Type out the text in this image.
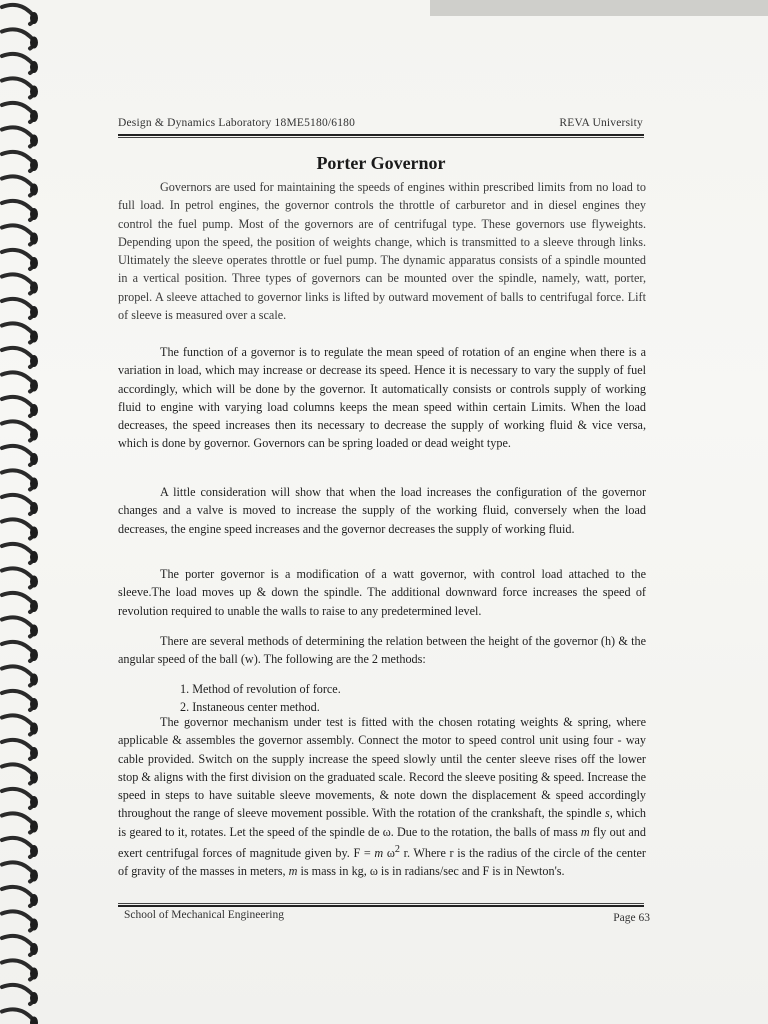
Design & Dynamics Laboratory 18ME5180/6180	REVA University
Porter Governor

Governors are used for maintaining the speeds of engines within prescribed limits from no load to full load. In petrol engines, the governor controls the throttle of carburetor and in diesel engines they control the fuel pump. Most of the governors are of centrifugal type. These governors use flyweights. Depending upon the speed, the position of weights change, which is transmitted to a sleeve through links. Ultimately the sleeve operates throttle or fuel pump. The dynamic apparatus consists of a spindle mounted in a vertical position. Three types of governors can be mounted over the spindle, namely, watt, porter, propel. A sleeve attached to governor links is lifted by outward movement of balls to centrifugal force. Lift of sleeve is measured over a scale.

The function of a governor is to regulate the mean speed of rotation of an engine when there is a variation in load, which may increase or decrease its speed. Hence it is necessary to vary the supply of fuel accordingly, which will be done by the governor. It automatically consists or controls supply of working fluid to engine with varying load columns keeps the mean speed within certain Limits. When the load decreases, the speed increases then its necessary to decrease the supply of working fluid & vice versa, which is done by governor. Governors can be spring loaded or dead weight type.

A little consideration will show that when the load increases the configuration of the governor changes and a valve is moved to increase the supply of the working fluid, conversely when the load decreases, the engine speed increases and the governor decreases the supply of working fluid.

The porter governor is a modification of a watt governor, with control load attached to the sleeve.The load moves up & down the spindle. The additional downward force increases the speed of revolution required to unable the walls to raise to any predetermined level.

There are several methods of determining the relation between the height of the governor (h) & the angular speed of the ball (w). The following are the 2 methods:

1. Method of revolution of force.
2. Instaneous center method.

The governor mechanism under test is fitted with the chosen rotating weights & spring, where applicable & assembles the governor assembly. Connect the motor to speed control unit using four - way cable provided. Switch on the supply increase the speed slowly until the center sleeve rises off the lower stop & aligns with the first division on the graduated scale. Record the sleeve positing & speed. Increase the speed in steps to have suitable sleeve movements, & note down the displacement & speed accordingly throughout the range of sleeve movement possible. With the rotation of the crankshaft, the spindle s, which is geared to it, rotates. Let the speed of the spindle de ω. Due to the rotation, the balls of mass m fly out and exert centrifugal forces of magnitude given by. F = m $\omega^2$ r. Where r is the radius of the circle of the center of gravity of the masses in meters, m is mass in kg, ω is in radians/sec and F is in Newton's.

School of Mechanical Engineering	Page 63
